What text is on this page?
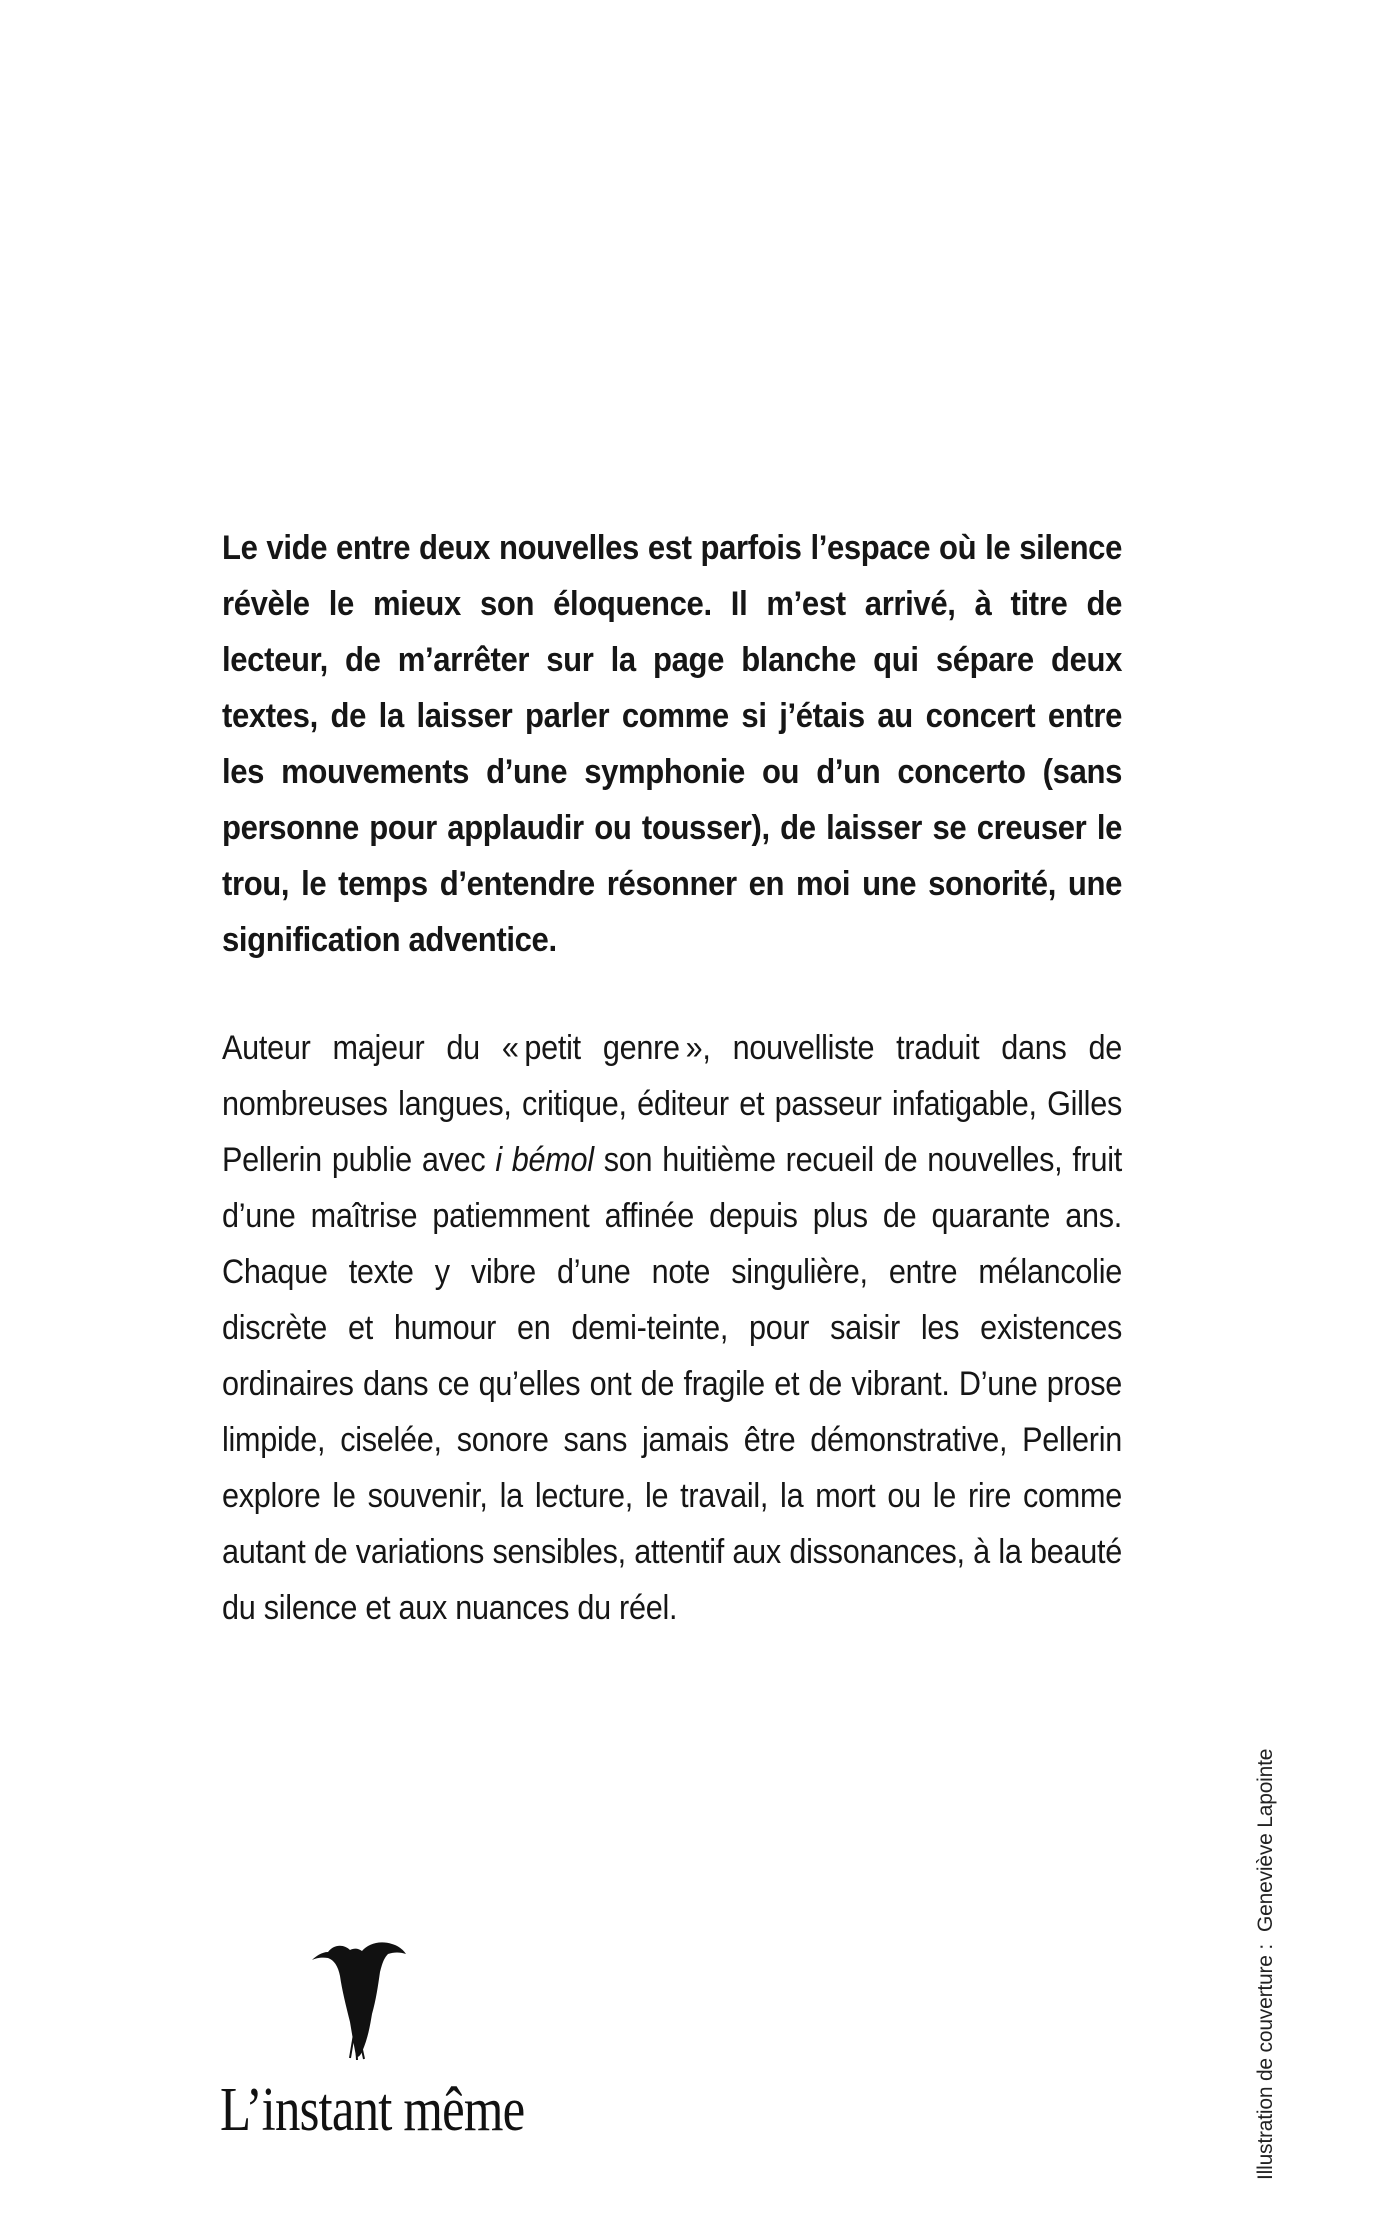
Le vide entre deux nouvelles est parfois l’espace où le silence révèle le mieux son éloquence. Il m’est arrivé, à titre de lecteur, de m’arrêter sur la page blanche qui sépare deux textes, de la laisser parler comme si j’étais au concert entre les mouvements d’une symphonie ou d’un concerto (sans personne pour applaudir ou tousser), de laisser se creuser le trou, le temps d’entendre résonner en moi une sonorité, une signification adventice.

Auteur majeur du « petit genre », nouvelliste traduit dans de nombreuses langues, critique, éditeur et passeur infatigable, Gilles Pellerin publie avec i bémol son huitième recueil de nouvelles, fruit d’une maîtrise patiemment affinée depuis plus de quarante ans. Chaque texte y vibre d’une note singulière, entre mélancolie discrète et humour en demi-teinte, pour saisir les existences ordinaires dans ce qu’elles ont de fragile et de vibrant. D’une prose limpide, ciselée, sonore sans jamais être démonstrative, Pellerin explore le souvenir, la lecture, le travail, la mort ou le rire comme autant de variations sensibles, attentif aux dissonances, à la beauté du silence et aux nuances du réel.

Illustration de couverture :Geneviève Lapointe
L’instant même
